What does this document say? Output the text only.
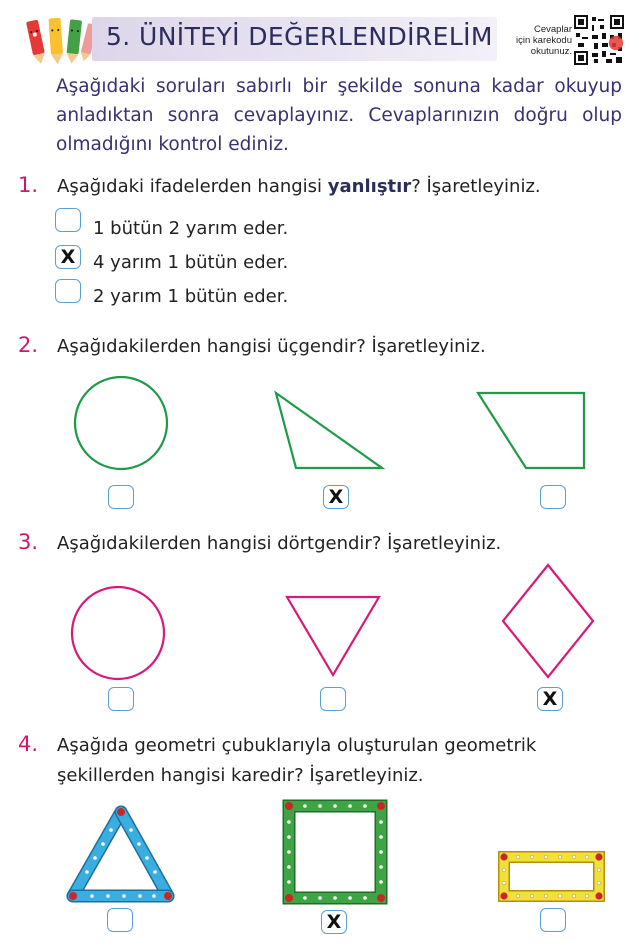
5. ÜNİTEYİ DEĞERLENDİRELİM	Cevaplar
için karekodu
okutunuz.
Aşağıdaki soruları sabırlı bir şekilde sonuna kadar okuyup anladıktan sonra cevaplayınız. Cevaplarınızın doğru olup olmadığını kontrol ediniz.
1. Aşağıdaki ifadelerden hangisi yanlıştır? İşaretleyiniz.
1 bütün 2 yarım eder.
X 4 yarım 1 bütün eder.
2 yarım 1 bütün eder.
2. Aşağıdakilerden hangisi üçgendir? İşaretleyiniz.
3. Aşağıdakilerden hangisi dörtgendir? İşaretleyiniz.
4. Aşağıda geometri çubuklarıyla oluşturulan geometrik
şekillerden hangisi karedir? İşaretleyiniz.
X
X
X
